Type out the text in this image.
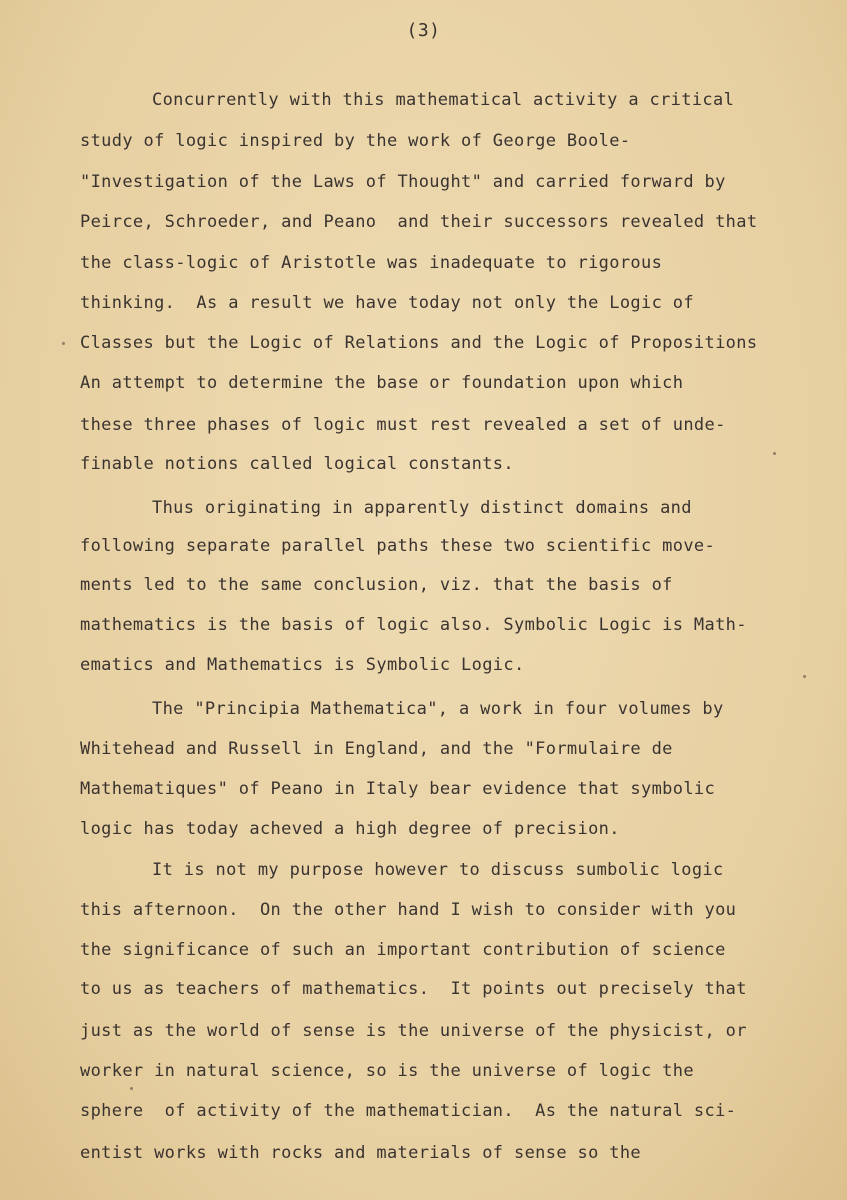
(3)
Concurrently with this mathematical activity a critical
study of logic inspired by the work of George Boole-
"Investigation of the Laws of Thought" and carried forward by
Peirce, Schroeder, and Peano  and their successors revealed that
the class-logic of Aristotle was inadequate to rigorous
thinking.  As a result we have today not only the Logic of
Classes but the Logic of Relations and the Logic of Propositions
An attempt to determine the base or foundation upon which
these three phases of logic must rest revealed a set of unde-
finable notions called logical constants.
Thus originating in apparently distinct domains and
following separate parallel paths these two scientific move-
ments led to the same conclusion, viz. that the basis of
mathematics is the basis of logic also. Symbolic Logic is Math-
ematics and Mathematics is Symbolic Logic.
The "Principia Mathematica", a work in four volumes by
Whitehead and Russell in England, and the "Formulaire de
Mathematiques" of Peano in Italy bear evidence that symbolic
logic has today acheved a high degree of precision.
It is not my purpose however to discuss sumbolic logic
this afternoon.  On the other hand I wish to consider with you
the significance of such an important contribution of science
to us as teachers of mathematics.  It points out precisely that
just as the world of sense is the universe of the physicist, or
worker in natural science, so is the universe of logic the
sphere  of activity of the mathematician.  As the natural sci-
entist works with rocks and materials of sense so the
